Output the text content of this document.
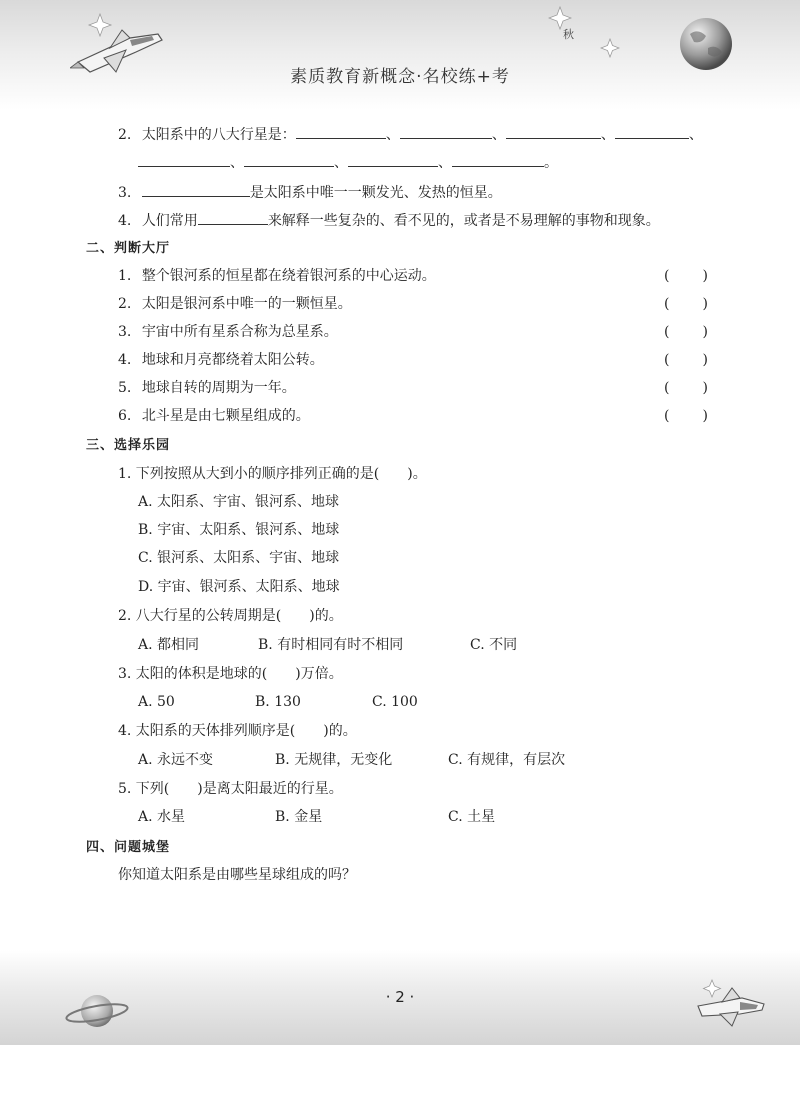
秋
素质教育新概念·名校练+考
2. 太阳系中的八大行星是：	、	、	、	、
、	、	、	。
3.	是太阳系中唯一一颗发光、发热的恒星。
4. 人们常用	来解释一些复杂的、看不见的，或者是不易理解的事物和现象。
二、判断大厅
1. 整个银河系的恒星都在绕着银河系的中心运动。	( )
2. 太阳是银河系中唯一的一颗恒星。	( )
3. 宇宙中所有星系合称为总星系。	( )
4. 地球和月亮都绕着太阳公转。	( )
5. 地球自转的周期为一年。	( )
6. 北斗星是由七颗星组成的。	( )
三、选择乐园
1. 下列按照从大到小的顺序排列正确的是(　　)。
A. 太阳系、宇宙、银河系、地球
B. 宇宙、太阳系、银河系、地球
C. 银河系、太阳系、宇宙、地球
D. 宇宙、银河系、太阳系、地球
2. 八大行星的公转周期是(　　)的。
A. 都相同	B. 有时相同有时不相同	C. 不同
3. 太阳的体积是地球的(　　)万倍。
A. 50	B. 130	C. 100
4. 太阳系的天体排列顺序是(　　)的。
A. 永远不变	B. 无规律，无变化	C. 有规律，有层次
5. 下列(　　)是离太阳最近的行星。
A. 水星	B. 金星	C. 土星
四、问题城堡
你知道太阳系是由哪些星球组成的吗？
· 2 ·
